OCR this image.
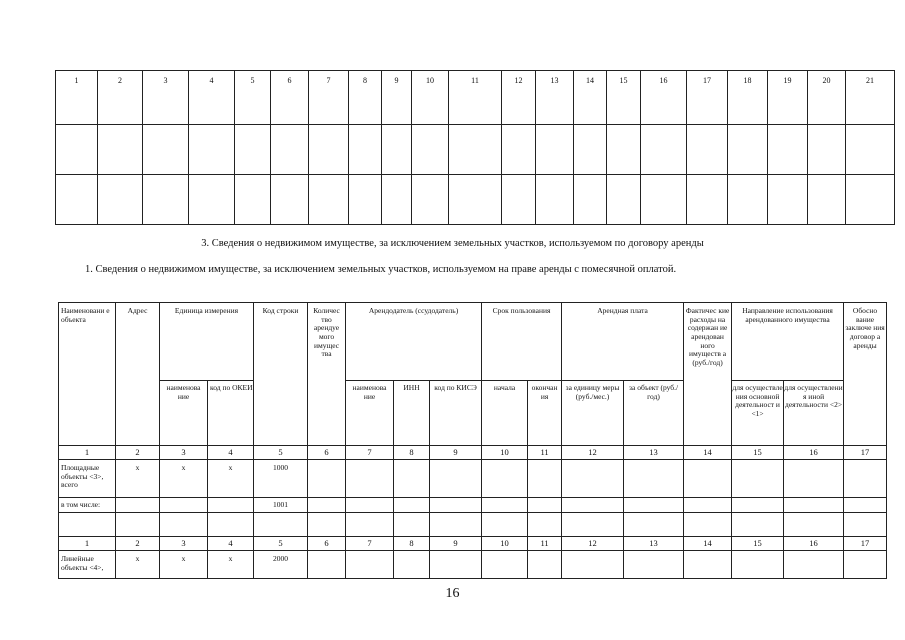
1	2	3	4	5	6	7	8	9	10	11	12	13	14	15	16	17	18	19	20	21

3. Сведения о недвижимом имуществе, за исключением земельных участков, используемом по договору аренды
1. Сведения о недвижимом имуществе, за исключением земельных участков, используемом на праве аренды с помесячной оплатой.
Наименовани е объекта	Адрес	Единица измерения		Код строки	Количес тво арендуе мого имущес тва	Арендодатель (ссудодатель)			Срок пользования		Арендная плата		Фактичес кие расходы на содержан ие арендован ного имуществ а (руб./год)	Направление использования арендованного имущества		Обосно вание заключе ния договор а аренды
		наименова ние	код по ОКЕИ			наименова ние	ИНН	код по КИСЭ	начала	окончан ия	за единицу меры (руб./мес.)	за объект (руб./год)		для осуществле ния основной деятельност и <1>	для осуществлени я иной деятельности <2>	
1	2	3	4	5	6	7	8	9	10	11	12	13	14	15	16	17
Площадные объекты <3>, всего	x	x	x	1000												
в том числе:				1001												

1	2	3	4	5	6	7	8	9	10	11	12	13	14	15	16	17
Линейные объекты <4>,	x	x	x	2000												
16
